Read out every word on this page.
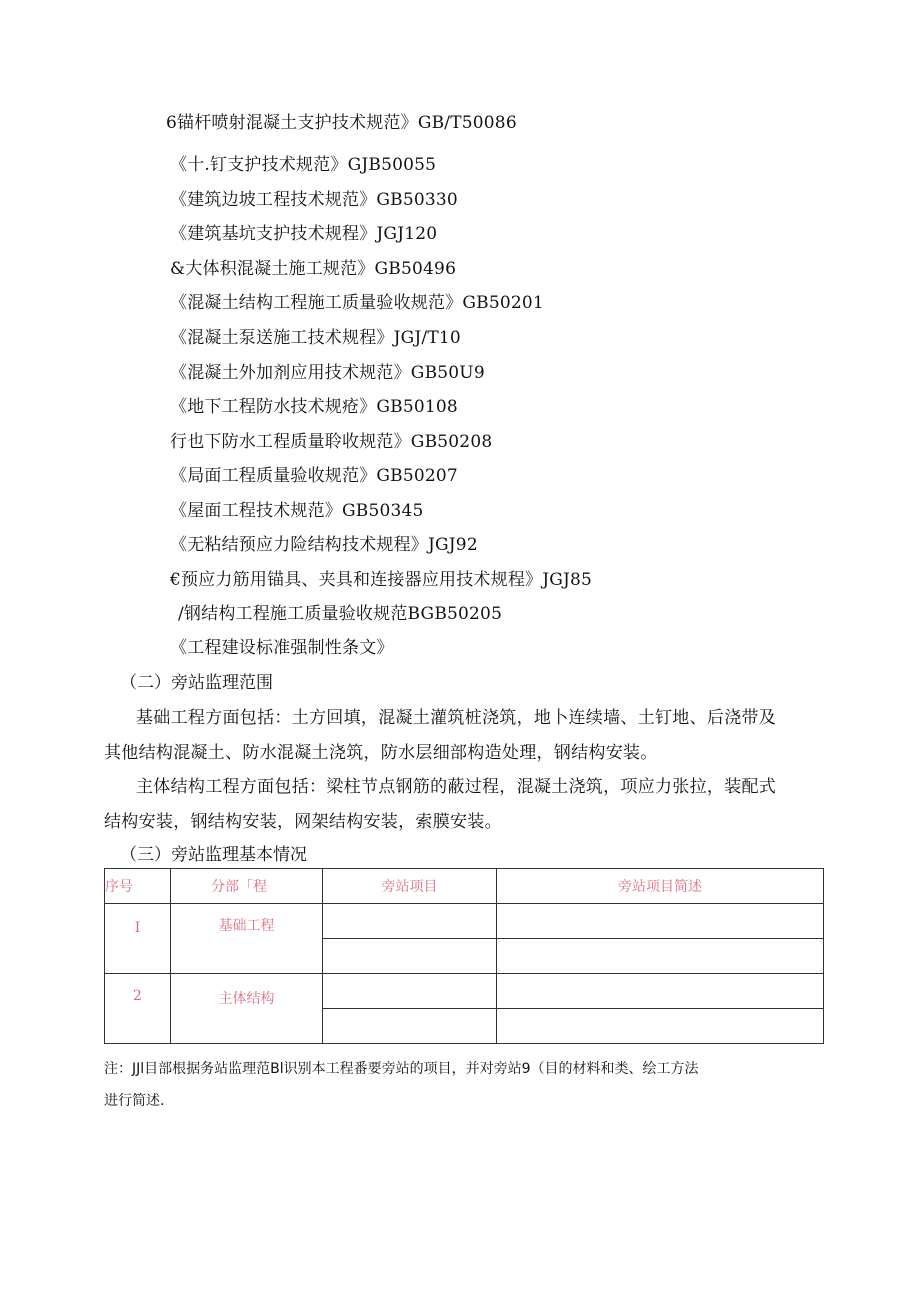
6锚杆喷射混凝土支护技术规范》GB/T50086
《十.钉支护技术规范》GJB50055
《建筑边坡工程技术规范》GB50330
《建筑基坑支护技术规程》JGJ120
&大体积混凝土施工规范》GB50496
《混凝土结构工程施工质量验收规范》GB50201
《混凝土泵送施工技术规程》JGJ/T10
《混凝土外加剂应用技术规范》GB50U9
《地下工程防水技术规疮》GB50108
行也下防水工程质量聆收规范》GB50208
《局面工程质量验收规范》GB50207
《屋面工程技术规范》GB50345
《无粘结预应力险结构技术规程》JGJ92
€预应力筋用锚具、夹具和连接器应用技术规程》JGJ85
∕钢结构工程施工质量验收规范BGB50205
《工程建设标准强制性条文》
（二）旁站监理范围
基础工程方面包括：土方回填，混凝土灌筑桩浇筑，地卜连续墙、土钉地、后浇带及
其他结构混凝土、防水混凝土浇筑，防水层细部构造处理，钢结构安装。
主体结构工程方面包括：梁柱节点钢筋的蔽过程，混凝土浇筑，项应力张拉，装配式
结构安装，钢结构安装，网架结构安装，索膜安装。
（三）旁站监理基本情况
序号	分部「程	旁站项目	旁站项目简述
I	基础工程		

2	主体结构		

注：JJl目部根据务站监理范Bl识别本工程番要旁站的项目，并对旁站9（目的材料和类、绘工方法
进行简述.
